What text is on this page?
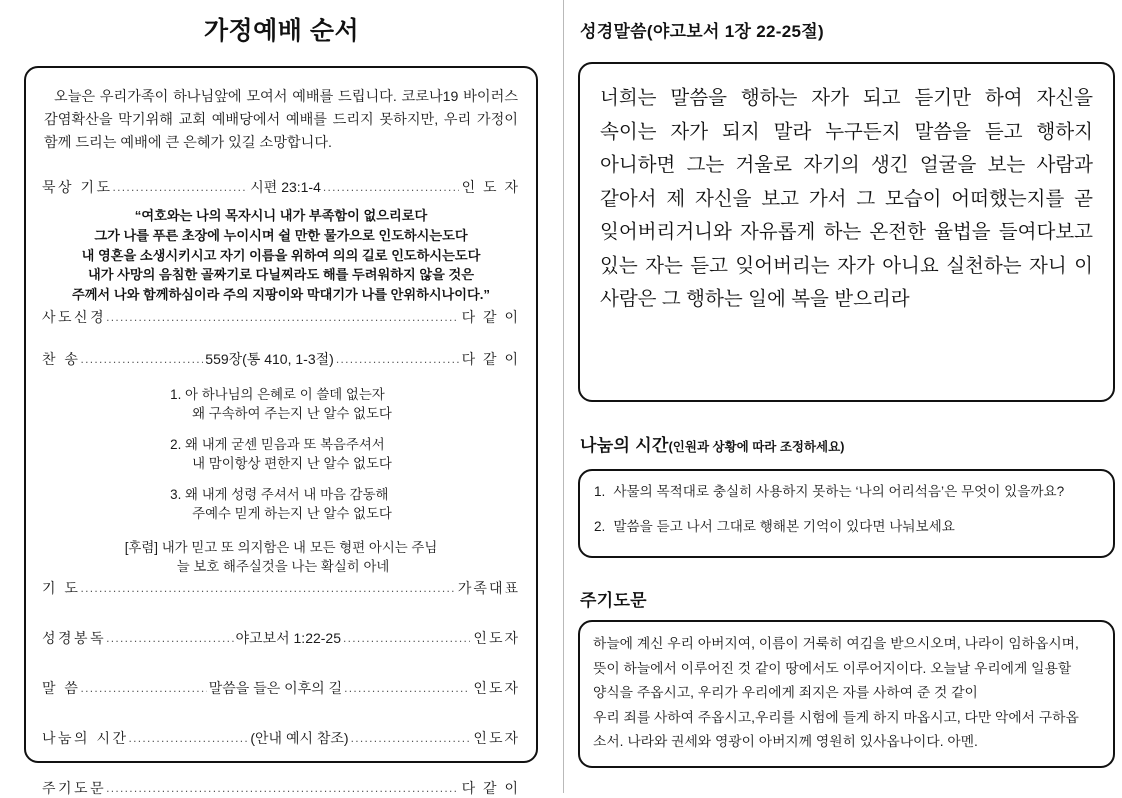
가정예배 순서
오늘은 우리가족이 하나님앞에 모여서 예배를 드립니다. 코로나19 바이러스 감염확산을 막기위해 교회 예배당에서 예배를 드리지 못하지만, 우리 가정이 함께 드리는 예배에 큰 은혜가 있길 소망합니다.
묵상 기도 .....	시편 23:1-4 .....	인 도 자
“여호와는 나의 목자시니 내가 부족함이 없으리로다
그가 나를 푸른 초장에 누이시며 쉴 만한 물가으로 인도하시는도다
내 영혼을 소생시키시고 자기 이름을 위하여 의의 길로 인도하시는도다
내가 사망의 음침한 골짜기로 다닐찌라도 해를 두려워하지 않을 것은
주께서 나와 함께하심이라 주의 지팡이와 막대기가 나를 안위하시나이다.”
사도신경 .....	다 같 이
찬 송 .....	559장(통 410, 1-3절) .....	다 같 이
1. 아 하나님의 은혜로 이 쓸데 없는자
왜 구속하여 주는지 난 알수 없도다

2. 왜 내게 굳센 믿음과 또 복음주셔서
내 맘이항상 편한지 난 알수 없도다

3. 왜 내게 성령 주셔서 내 마음 감동해
주예수 믿게 하는지 난 알수 없도다

[후렴] 내가 믿고 또 의지함은 내 모든 형편 아시는 주님
늘 보호 해주실것을 나는 확실히 아네
기 도 .....	가족대표
성경봉독 .....	야고보서 1:22-25 .....	인도자
말 씀 .....	말씀을 들은 이후의 길 .....	인도자
나눔의 시간 .....	(안내 예시 참조) .....	인도자
주기도문 .....	다 같 이
성경말씀(야고보서 1장 22-25절)
너희는 말씀을 행하는 자가 되고 듣기만 하여 자신을 속이는 자가 되지 말라 누구든지 말씀을 듣고 행하지 아니하면 그는 거울로 자기의 생긴 얼굴을 보는 사람과 같아서 제 자신을 보고 가서 그 모습이 어떠했는지를 곧 잊어버리거니와 자유롭게 하는 온전한 율법을 들여다보고 있는 자는 듣고 잊어버리는 자가 아니요 실천하는 자니 이 사람은 그 행하는 일에 복을 받으리라
나눔의 시간(인원과 상황에 따라 조정하세요)
1. 사물의 목적대로 충실히 사용하지 못하는 ‘나의 어리석음’은 무엇이 있을까요?
2. 말씀을 듣고 나서 그대로 행해본 기억이 있다면 나눠보세요
주기도문
하늘에 계신 우리 아버지여, 이름이 거룩히 여김을 받으시오며, 나라이 임하옵시며,
뜻이 하늘에서 이루어진 것 같이 땅에서도 이루어지이다. 오늘날 우리에게 일용할
양식을 주옵시고, 우리가 우리에게 죄지은 자를 사하여 준 것 같이
우리 죄를 사하여 주옵시고,우리를 시험에 들게 하지 마옵시고, 다만 악에서 구하옵
소서. 나라와 권세와 영광이 아버지께 영원히 있사옵나이다. 아멘.
